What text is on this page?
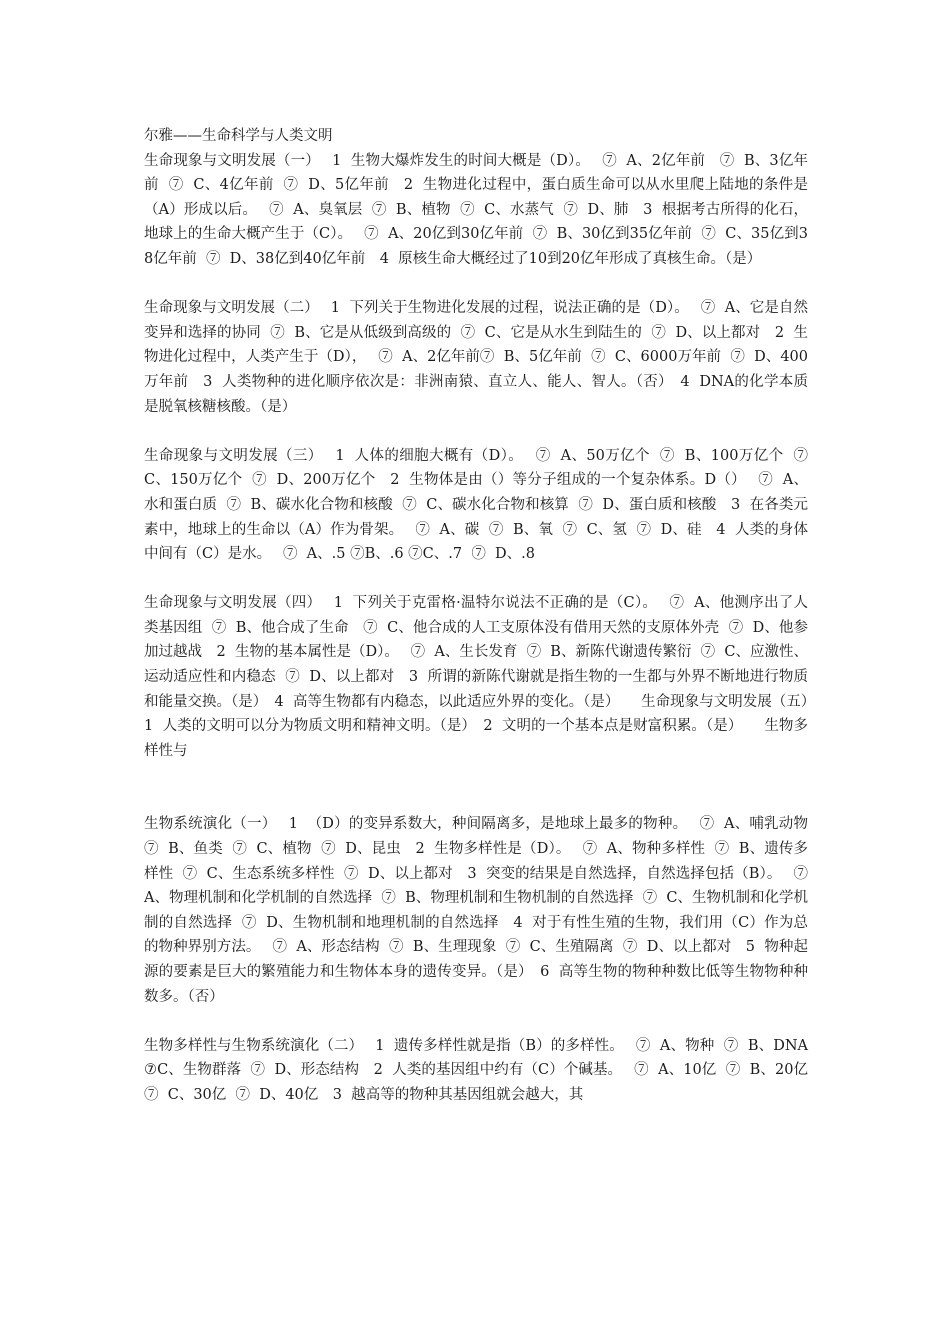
尔雅——生命科学与人类文明

生命现象与文明发展（一）　 1  生物大爆炸发生的时间大概是（D）。　 ⑦  A、2亿年前　⑦  B、3亿年前  ⑦  C、4亿年前  ⑦  D、5亿年前　2  生物进化过程中，蛋白质生命可以从水里爬上陆地的条件是（A）形成以后。　 ⑦  A、臭氧层  ⑦  B、植物  ⑦  C、水蒸气  ⑦  D、肺　3  根据考古所得的化石，地球上的生命大概产生于（C）。　 ⑦  A、20亿到30亿年前  ⑦  B、30亿到35亿年前  ⑦  C、35亿到38亿年前  ⑦  D、38亿到40亿年前　4  原核生命大概经过了10到20亿年形成了真核生命。（是）

生命现象与文明发展（二）　 1  下列关于生物进化发展的过程，说法正确的是（D）。　 ⑦  A、它是自然变异和选择的协同  ⑦  B、它是从低级到高级的  ⑦  C、它是从水生到陆生的  ⑦  D、以上都对　2  生物进化过程中，人类产生于（D），　 ⑦  A、2亿年前⑦  B、5亿年前  ⑦  C、6000万年前  ⑦  D、400万年前　3  人类物种的进化顺序依次是：非洲南猿、直立人、能人、智人。（否）　4  DNA的化学本质是脱氧核糖核酸。（是）

生命现象与文明发展（三）　 1  人体的细胞大概有（D）。　 ⑦  A、50万亿个  ⑦  B、100万亿个  ⑦  C、150万亿个  ⑦  D、200万亿个　2  生物体是由（）等分子组成的一个复杂体系。D（）　 ⑦  A、水和蛋白质  ⑦  B、碳水化合物和核酸  ⑦  C、碳水化合物和核算  ⑦  D、蛋白质和核酸　3  在各类元素中，地球上的生命以（A）作为骨架。　 ⑦  A、碳  ⑦  B、氧  ⑦  C、氢  ⑦  D、硅　4  人类的身体中间有（C）是水。　 ⑦  A、.5 ⑦B、.6 ⑦C、.7  ⑦  D、.8

生命现象与文明发展（四）　 1  下列关于克雷格·温特尔说法不正确的是（C）。　 ⑦  A、他测序出了人类基因组  ⑦  B、他合成了生命　⑦  C、他合成的人工支原体没有借用天然的支原体外壳  ⑦  D、他参加过越战　2  生物的基本属性是（D）。　 ⑦  A、生长发育  ⑦  B、新陈代谢遗传繁衍  ⑦  C、应激性、运动适应性和内稳态  ⑦  D、以上都对　3  所谓的新陈代谢就是指生物的一生都与外界不断地进行物质和能量交换。（是）　4  高等生物都有内稳态，以此适应外界的变化。（是）　　生命现象与文明发展（五）　 1  人类的文明可以分为物质文明和精神文明。（是）　2  文明的一个基本点是财富积累。（是）　　生物多样性与

生物系统演化（一）　 1  （D）的变异系数大，种间隔离多，是地球上最多的物种。　 ⑦  A、哺乳动物  ⑦  B、鱼类  ⑦  C、植物  ⑦  D、昆虫　2  生物多样性是（D）。　 ⑦  A、物种多样性  ⑦  B、遗传多样性  ⑦  C、生态系统多样性  ⑦  D、以上都对　3  突变的结果是自然选择，自然选择包括（B）。　 ⑦  A、物理机制和化学机制的自然选择  ⑦  B、物理机制和生物机制的自然选择  ⑦  C、生物机制和化学机制的自然选择  ⑦  D、生物机制和地理机制的自然选择　4  对于有性生殖的生物，我们用（C）作为总的物种界别方法。　 ⑦  A、形态结构  ⑦  B、生理现象  ⑦  C、生殖隔离  ⑦  D、以上都对　5  物种起源的要素是巨大的繁殖能力和生物体本身的遗传变异。（是）　6  高等生物的物种种数比低等生物物种种数多。（否）

生物多样性与生物系统演化（二）　 1  遗传多样性就是指（B）的多样性。　 ⑦  A、物种  ⑦  B、DNA ⑦C、生物群落  ⑦  D、形态结构　2  人类的基因组中约有（C）个碱基。　 ⑦  A、10亿  ⑦  B、20亿  ⑦  C、30亿  ⑦  D、40亿　3  越高等的物种其基因组就会越大，其
